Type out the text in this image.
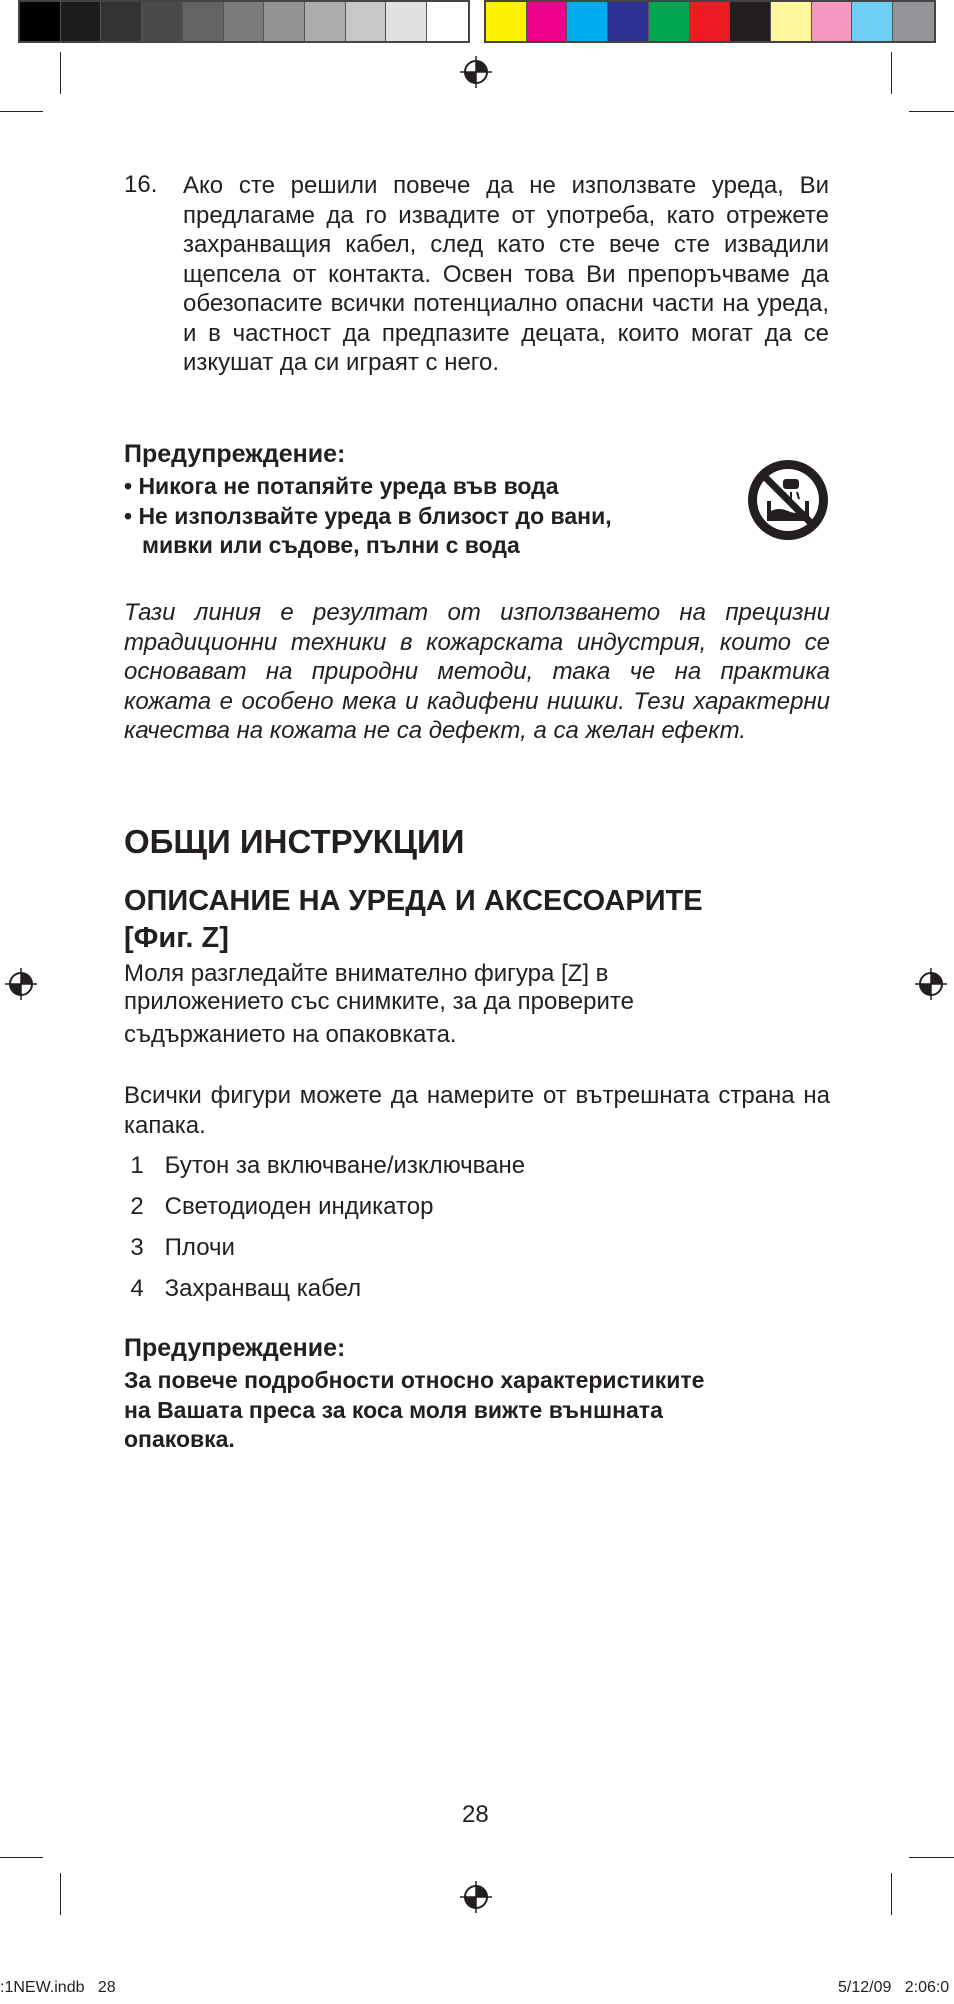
16. Ако сте решили повече да не използвате уреда, Ви предлагаме да го извадите от употреба, като отрежете захранващия кабел, след като сте вече сте извадили щепсела от контакта. Освен това Ви препоръчваме да обезопасите всички потенциално опасни части на уреда, и в частност да предпазите децата, които могат да се изкушат да си играят с него.
Предупреждение:
• Никога не потапяйте уреда във вода
• Не използвайте уреда в близост до вани,
мивки или съдове, пълни с вода
Тази линия е резултат от използването на прецизни традиционни техники в кожарската индустрия, които се основават на природни методи, така че на практика кожата е особено мека и кадифени нишки. Тези характерни качества на кожата не са дефект, а са желан ефект.
ОБЩИ ИНСТРУКЦИИ
ОПИСАНИЕ НА УРЕДА И АКСЕСОАРИТЕ
[Фиг. Z]
Моля разгледайте внимателно фигура [Z] в
приложението със снимките, за да проверите
съдържанието на опаковката.
Всички фигури можете да намерите от вътрешната страна на капака.
1 Бутон за включване/изключване
2 Светодиоден индикатор
3 Плочи
4 Захранващ кабел
Предупреждение:
За повече подробности относно характеристиките
на Вашата преса за коса моля вижте външната
опаковка.
28
:1NEW.indb   28	5/12/09   2:06:0
